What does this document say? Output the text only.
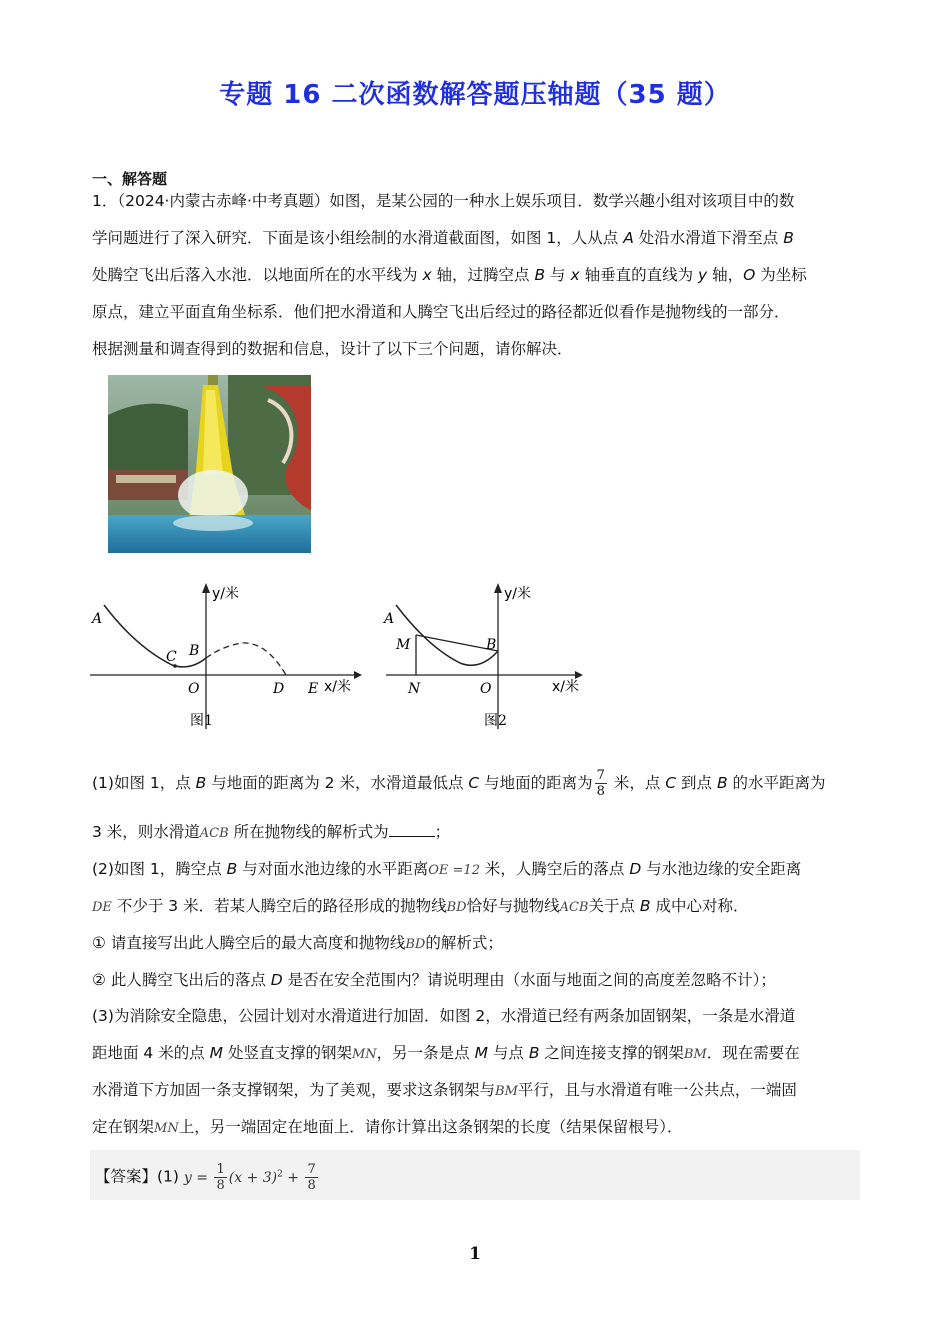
专题 16 二次函数解答题压轴题（35 题）
一、解答题
1．（2024·内蒙古赤峰·中考真题）如图，是某公园的一种水上娱乐项目．数学兴趣小组对该项目中的数
学问题进行了深入研究．下面是该小组绘制的水滑道截面图，如图 1，人从点 A 处沿水滑道下滑至点 B
处腾空飞出后落入水池．以地面所在的水平线为 x 轴，过腾空点 B 与 x 轴垂直的直线为 y 轴，O 为坐标
原点，建立平面直角坐标系．他们把水滑道和人腾空飞出后经过的路径都近似看作是抛物线的一部分．
根据测量和调查得到的数据和信息，设计了以下三个问题，请你解决．
A
B
C
O	D E x/米
y/米
图1
A
M	B
N	O	x/米
y/米
图2
(1)如图 1，点 B 与地面的距离为 2 米，水滑道最低点 C 与地面的距离为 $\frac{7}{8}$ 米，点 C 到点 B 的水平距离为
3 米，则水滑道ACB 所在抛物线的解析式为	；
(2)如图 1，腾空点 B 与对面水池边缘的水平距离OE =12 米，人腾空后的落点 D 与水池边缘的安全距离
DE 不少于 3 米．若某人腾空后的路径形成的抛物线BD恰好与抛物线ACB关于点 B 成中心对称．
① 请直接写出此人腾空后的最大高度和抛物线BD的解析式；
② 此人腾空飞出后的落点 D 是否在安全范围内？请说明理由（水面与地面之间的高度差忽略不计）；
(3)为消除安全隐患，公园计划对水滑道进行加固．如图 2，水滑道已经有两条加固钢架，一条是水滑道
距地面 4 米的点 M 处竖直支撑的钢架MN，另一条是点 M 与点 B 之间连接支撑的钢架BM．现在需要在
水滑道下方加固一条支撑钢架，为了美观，要求这条钢架与BM平行，且与水滑道有唯一公共点，一端固
定在钢架MN上，另一端固定在地面上．请你计算出这条钢架的长度（结果保留根号）．
【答案】(1) $y = \frac{1}{8} (x + 3)^2 + \frac{7}{8}$
1
